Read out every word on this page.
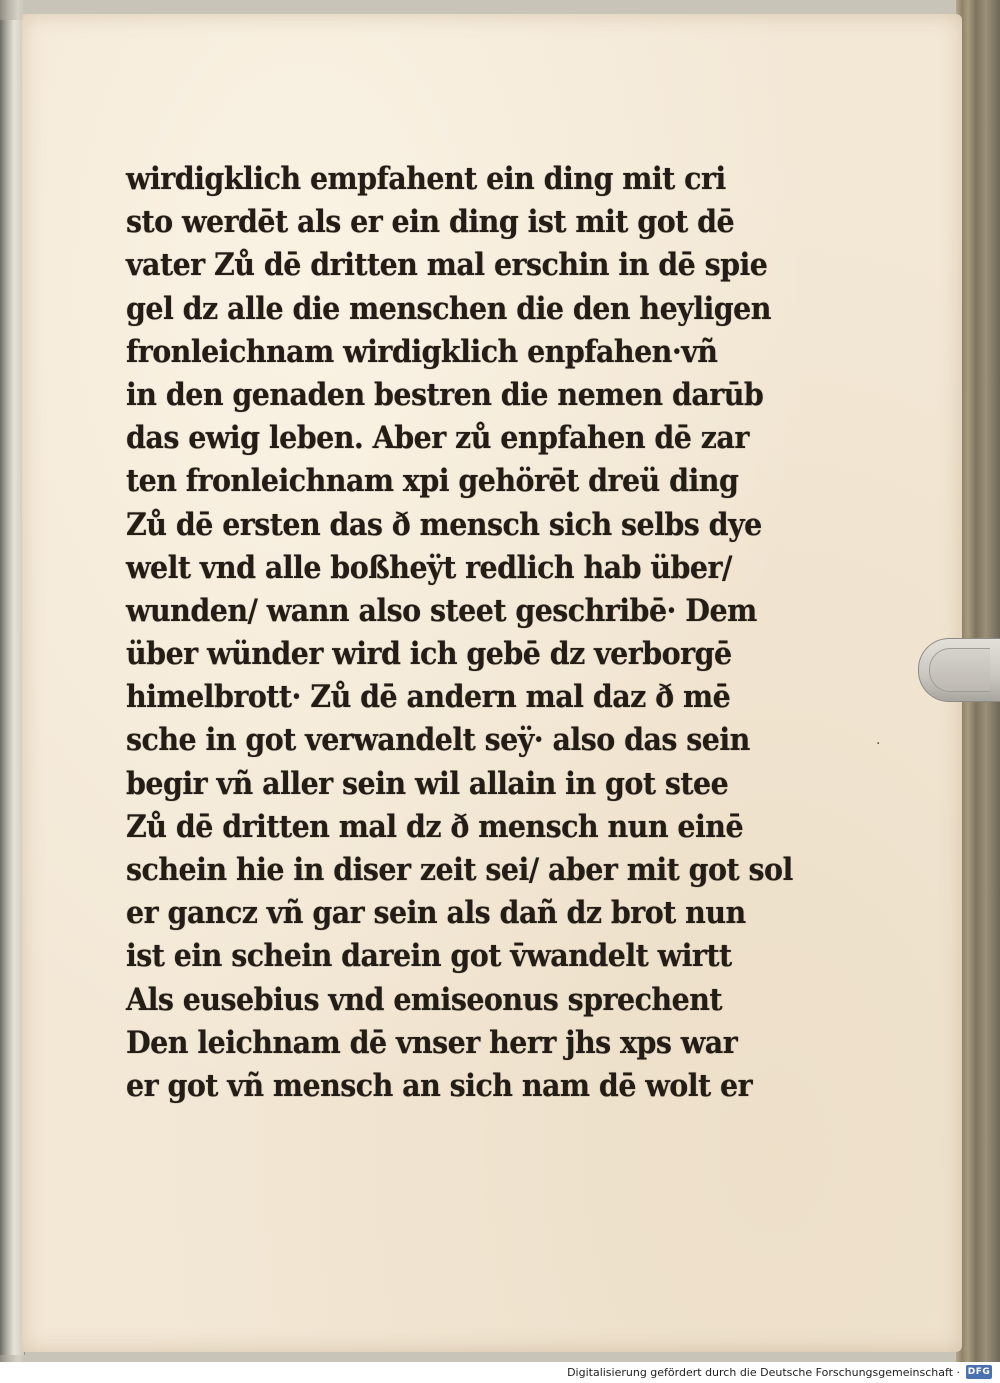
·
wirdigklich empfahent ein ding mit cri
sto werdēt als er ein ding ist mit got dē
vater Zů dē dritten mal erschin in dē spie
gel dz alle die menschen die den heyligen
fronleichnam wirdigklich enpfahen·vñ
in den genaden bestren die nemen darūb
das ewig leben. Aber zů enpfahen dē zar
ten fronleichnam xpi gehörēt dreü ding
Zů dē ersten das ð mensch sich selbs dye
welt vnd alle boßheÿt redlich hab über/
wunden/ wann also steet geschribē· Dem
über wünder wird ich gebē dz verborgē
himelbrott· Zů dē andern mal daz ð mē
sche in got verwandelt seÿ· also das sein
begir vñ aller sein wil allain in got stee
Zů dē dritten mal dz ð mensch nun einē
schein hie in diser zeit sei/ aber mit got sol
er gancz vñ gar sein als dañ dz brot nun
ist ein schein darein got v̄wandelt wirtt
Als eusebius vnd emiseonus sprechent
Den leichnam dē vnser herr jhs xps war
er got vñ mensch an sich nam dē wolt er
Digitalisierung gefördert durch die Deutsche Forschungsgemeinschaft · DFG
